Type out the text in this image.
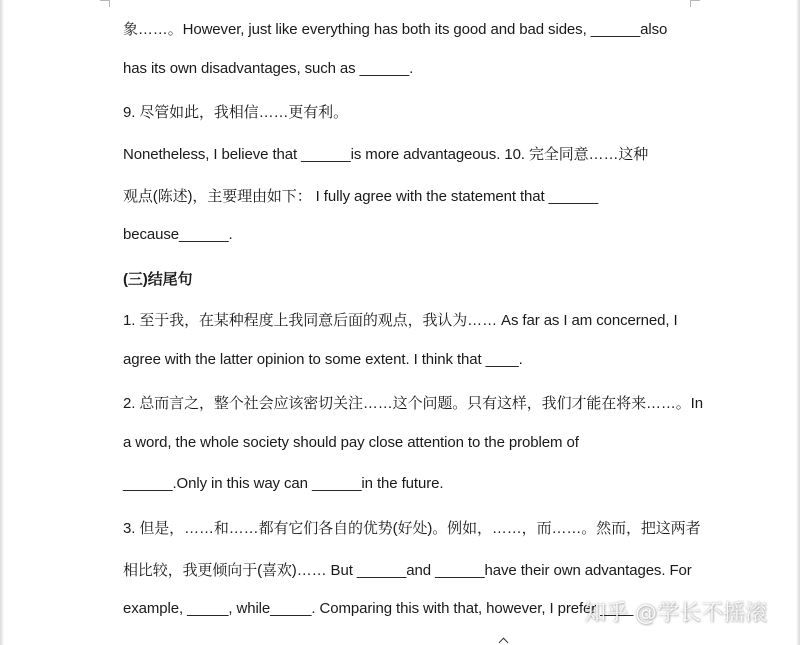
象……。However, just like everything has both its good and bad sides, ______also
has its own disadvantages, such as ______.
9. 尽管如此，我相信……更有利。
Nonetheless, I believe that ______is more advantageous. 10. 完全同意……这种
观点(陈述)，主要理由如下： I fully agree with the statement that ______
because______.
(三)结尾句
1. 至于我，在某种程度上我同意后面的观点，我认为…… As far as I am concerned, I
agree with the latter opinion to some extent. I think that ____.
2. 总而言之，整个社会应该密切关注……这个问题。只有这样，我们才能在将来……。In
a word, the whole society should pay close attention to the problem of
______.Only in this way can ______in the future.
3. 但是，……和……都有它们各自的优势(好处)。例如，……，而……。然而，把这两者
相比较，我更倾向于(喜欢)…… But ______and ______have their own advantages. For
example, _____, while_____. Comparing this with that, however, I prefer ____
知乎 @学长不摇滚
